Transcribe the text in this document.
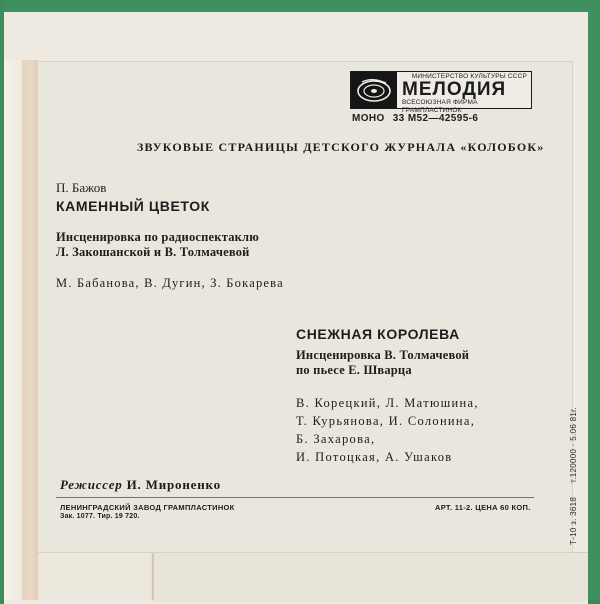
МИНИСТЕРСТВО КУЛЬТУРЫ СССР
МЕЛОДИЯ
ВСЕСОЮЗНАЯ ФИРМА ГРАМПЛАСТИНОК
МОНО 33 М52—42595-6
ЗВУКОВЫЕ СТРАНИЦЫ ДЕТСКОГО ЖУРНАЛА «КОЛОБОК»
П. Бажов
КАМЕННЫЙ ЦВЕТОК
Инсценировка по радиоспектаклю
Л. Закошанской и В. Толмачевой
М. Бабанова, В. Дугин, З. Бокарева
СНЕЖНАЯ КОРОЛЕВА
Инсценировка В. Толмачевой
по пьесе Е. Шварца
В. Корецкий, Л. Матюшина,
Т. Курьянова, И. Солонина,
Б. Захарова,
И. Потоцкая, А. Ушаков
Режиссер И. Мироненко
ЛЕНИНГРАДСКИЙ ЗАВОД ГРАМПЛАСТИНОК
Зак. 1077. Тир. 19 720.
АРТ. 11-2. ЦЕНА 60 КОП.	Т-10 з. 3618т.120000 · 5.06 81г.
